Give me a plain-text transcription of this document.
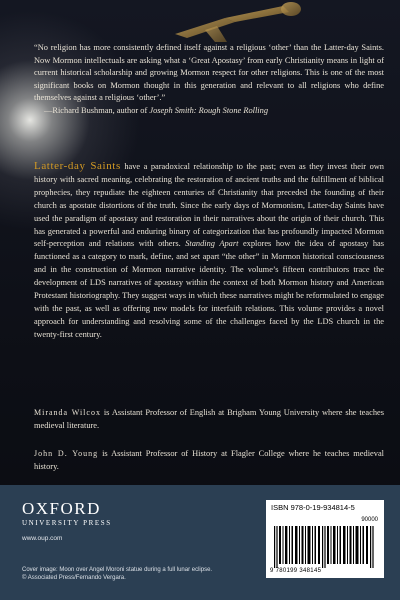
“No religion has more consistently defined itself against a religious ‘other’ than the Latter-day Saints. Now Mormon intellectuals are asking what a ‘Great Apostasy’ from early Christianity means in light of current historical scholarship and growing Mormon respect for other religions. This is one of the most significant books on Mormon thought in this generation and relevant to all religions who define themselves against a religious ‘other’.”
—Richard Bushman, author of Joseph Smith: Rough Stone Rolling
Latter-day Saints have a paradoxical relationship to the past; even as they invest their own history with sacred meaning, celebrating the restoration of ancient truths and the fulfillment of biblical prophecies, they repudiate the eighteen centuries of Christianity that preceded the founding of their church as apostate distortions of the truth. Since the early days of Mormonism, Latter-day Saints have used the paradigm of apostasy and restoration in their narratives about the origin of their church. This has generated a powerful and enduring binary of categorization that has profoundly impacted Mormon self-perception and relations with others. Standing Apart explores how the idea of apostasy has functioned as a category to mark, define, and set apart “the other” in Mormon historical consciousness and in the construction of Mormon narrative identity. The volume’s fifteen contributors trace the development of LDS narratives of apostasy within the context of both Mormon history and American Protestant historiography. They suggest ways in which these narratives might be reformulated to engage with the past, as well as offering new models for interfaith relations. This volume provides a novel approach for understanding and resolving some of the challenges faced by the LDS church in the twenty-first century.
Miranda Wilcox is Assistant Professor of English at Brigham Young University where she teaches medieval literature.
John D. Young is Assistant Professor of History at Flagler College where he teaches medieval history.
OXFORD
UNIVERSITY PRESS
www.oup.com
Cover image: Moon over Angel Moroni statue during a full lunar eclipse.
© Associated Press/Fernando Vergara.
ISBN 978-0-19-934814-5
90000
9 780199 348145
